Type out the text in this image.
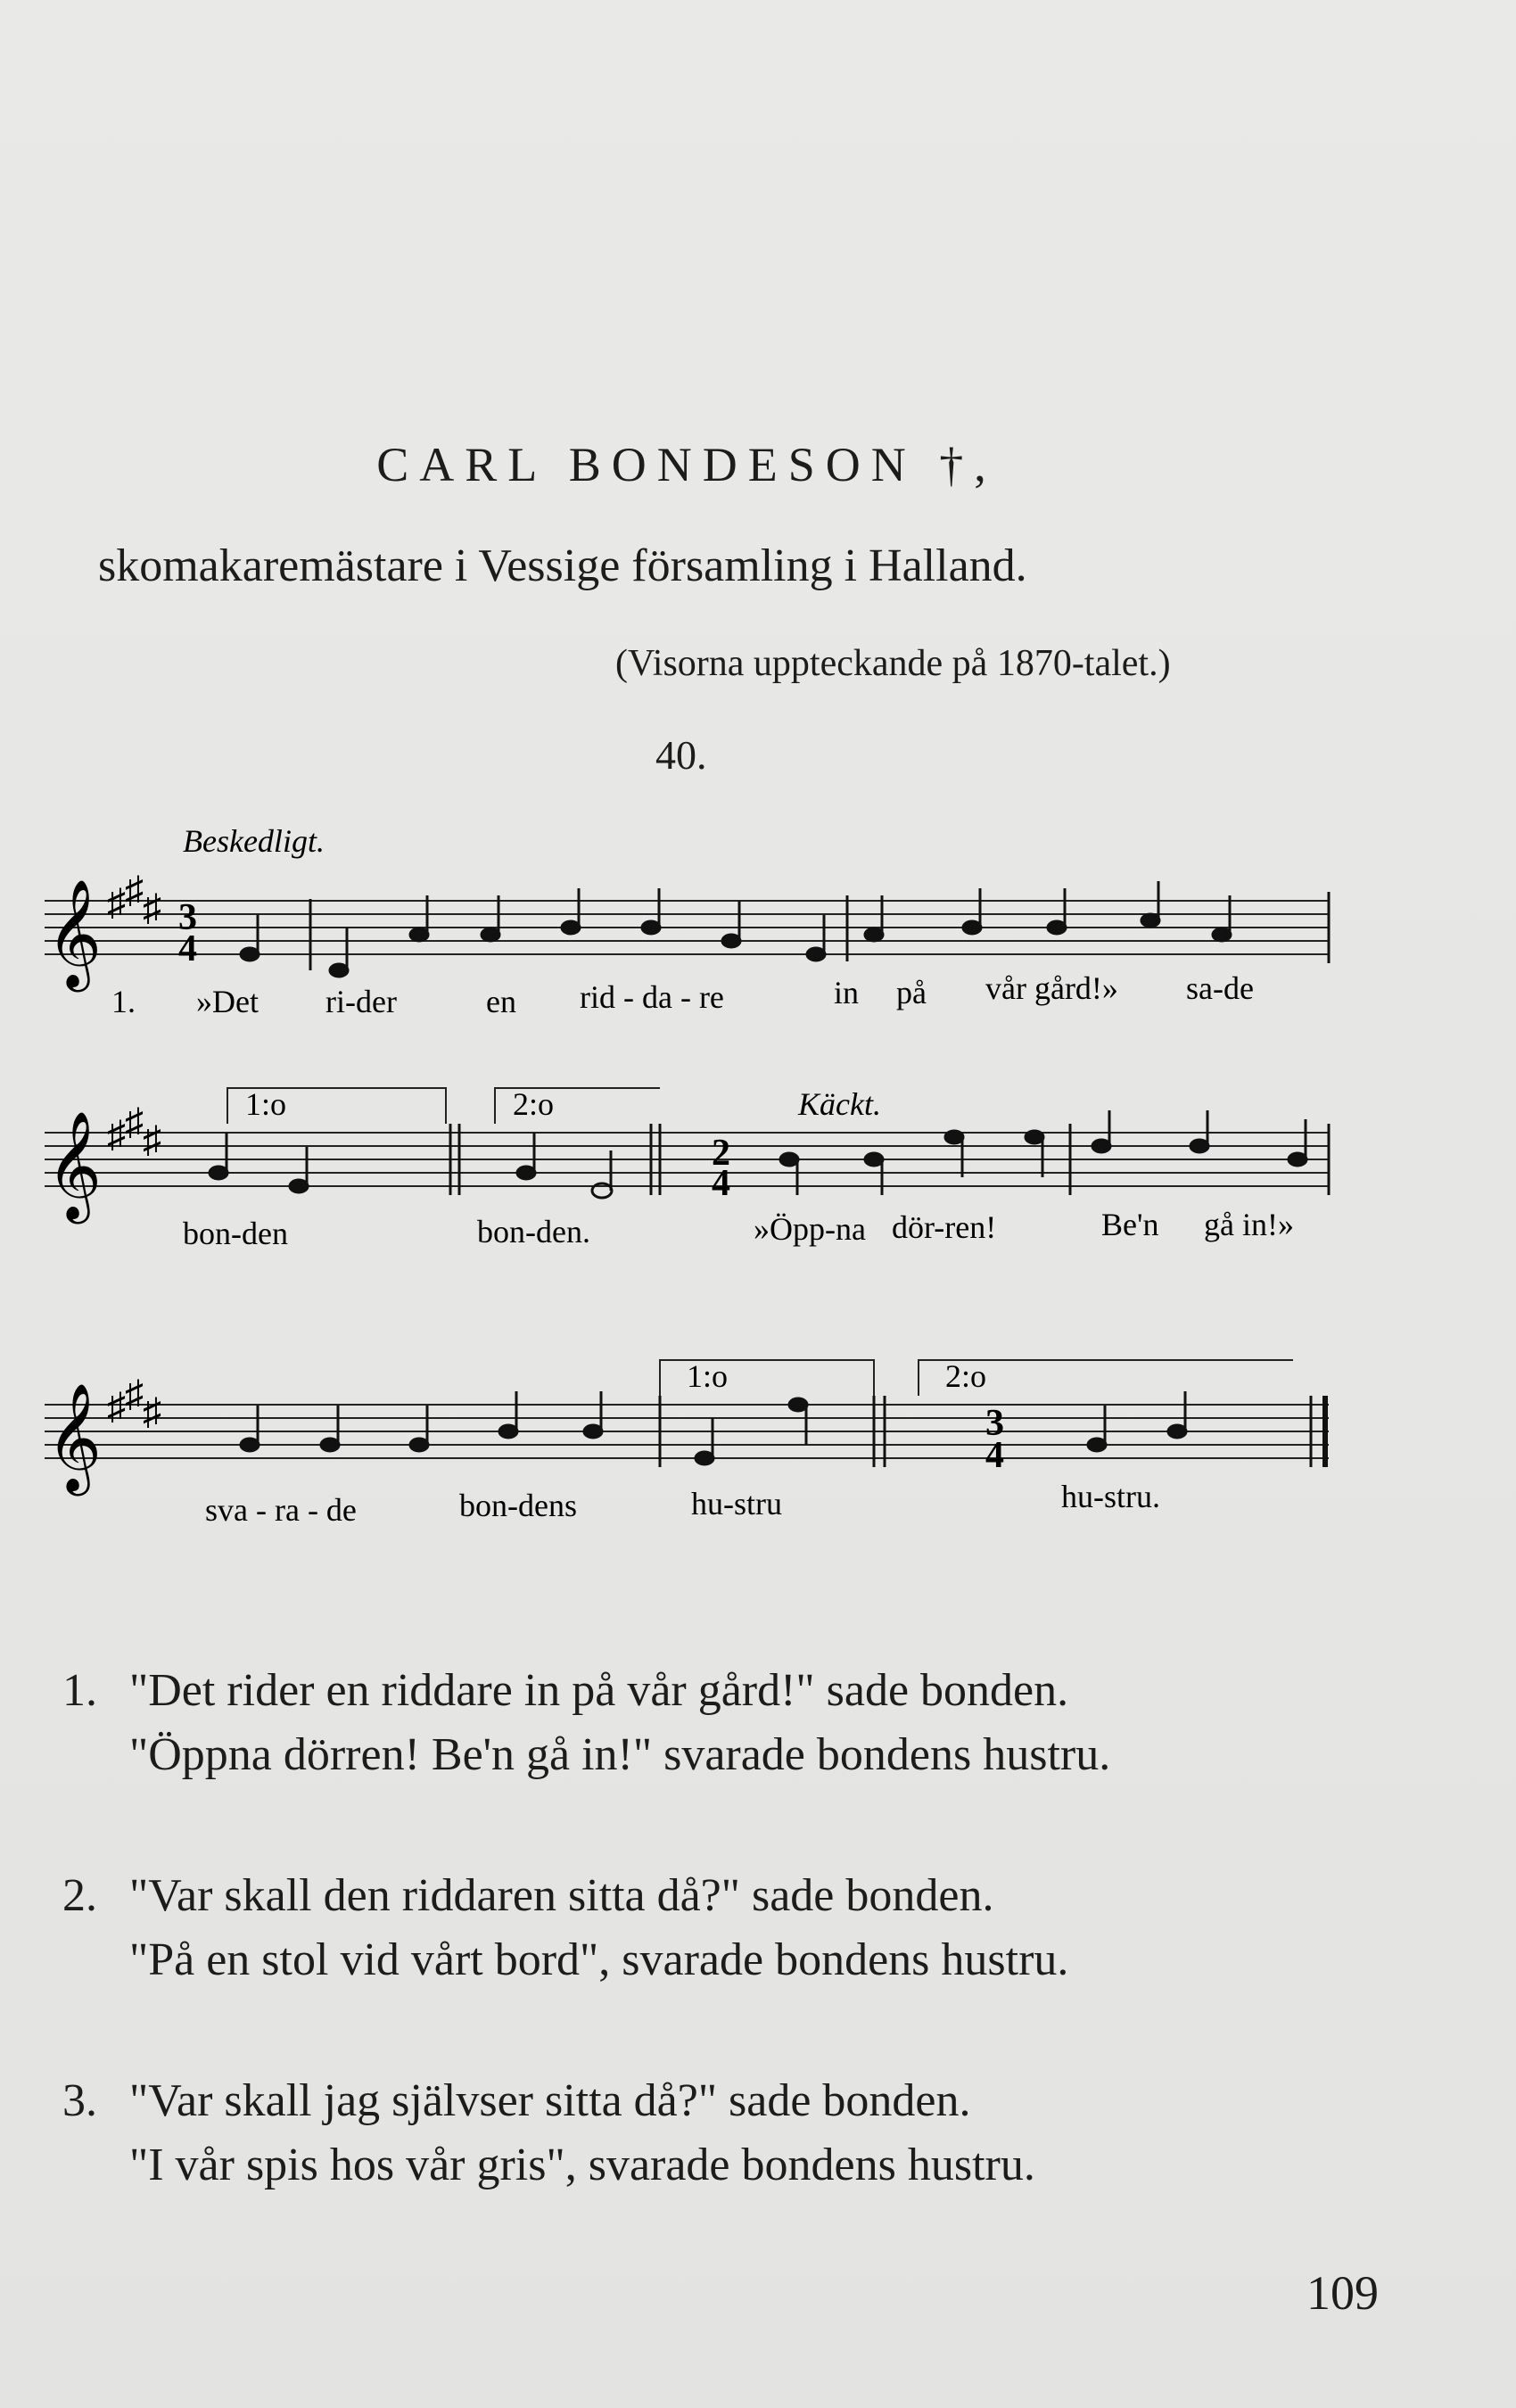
CARL BONDESON †,
skomakaremästare i Vessige församling i Halland.
(Visorna uppteckande på 1870-talet.)
40.
Beskedligt.
𝄞 ♯ ♯ ♯ 3
4
1. »Det ri-der	en rid - da - re	in på vår gård!» sa-de
1:o	2:o	Käckt.
𝄞 ♯ ♯ ♯	2
4
bon-den	bon-den.	»Öpp-na dör-ren!	Be'n gå in!»
1:o	2:o
𝄞 ♯ ♯ ♯	3
4
sva - ra - de	bon-dens	hu-stru	hu-stru.
1. "Det rider en riddare in på vår gård!" sade bonden.
"Öppna dörren! Be'n gå in!" svarade bondens hustru.
2. "Var skall den riddaren sitta då?" sade bonden.
"På en stol vid vårt bord", svarade bondens hustru.
3. "Var skall jag självser sitta då?" sade bonden.
"I vår spis hos vår gris", svarade bondens hustru.
109
